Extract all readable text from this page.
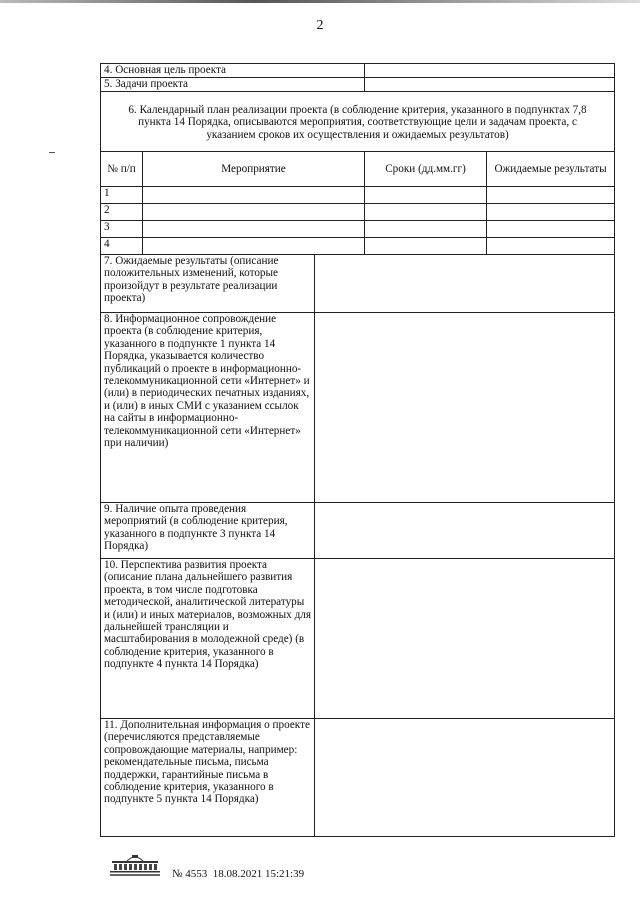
2
4. Основная цель проекта				
5. Задачи проекта				
6. Календарный план реализации проекта (в соблюдение критерия, указанного в подпунктах 7,8 пункта 14 Порядка, описываются мероприятия, соответствующие цели и задачам проекта, с указанием сроков их осуществления и ожидаемых результатов)				
№ п/п	Мероприятие		Сроки (дд.мм.гг)	Ожидаемые результаты
1				
2				
3				
4				
7. Ожидаемые результаты (описание положительных изменений, которые произойдут в результате реализации проекта)				
8. Информационное сопровождение проекта (в соблюдение критерия, указанного в подпункте 1 пункта 14 Порядка, указывается количество публикаций о проекте в информационно-телекоммуникационной сети «Интернет» и (или) в периодических печатных изданиях, и (или) в иных СМИ с указанием ссылок на сайты в информационно-телекоммуникационной сети «Интернет» при наличии)				
9. Наличие опыта проведения мероприятий (в соблюдение критерия, указанного в подпункте 3 пункта 14 Порядка)				
10. Перспектива развития проекта (описание плана дальнейшего развития проекта, в том числе подготовка методической, аналитической литературы и (или) и иных материалов, возможных для дальнейшей трансляции и масштабирования в молодежной среде) (в соблюдение критерия, указанного в подпункте 4 пункта 14 Порядка)				
11. Дополнительная информация о проекте (перечисляются представляемые сопровождающие материалы, например: рекомендательные письма, письма поддержки, гарантийные письма в соблюдение критерия, указанного в подпункте 5 пункта 14 Порядка)				
№ 4553 18.08.2021 15:21:39
